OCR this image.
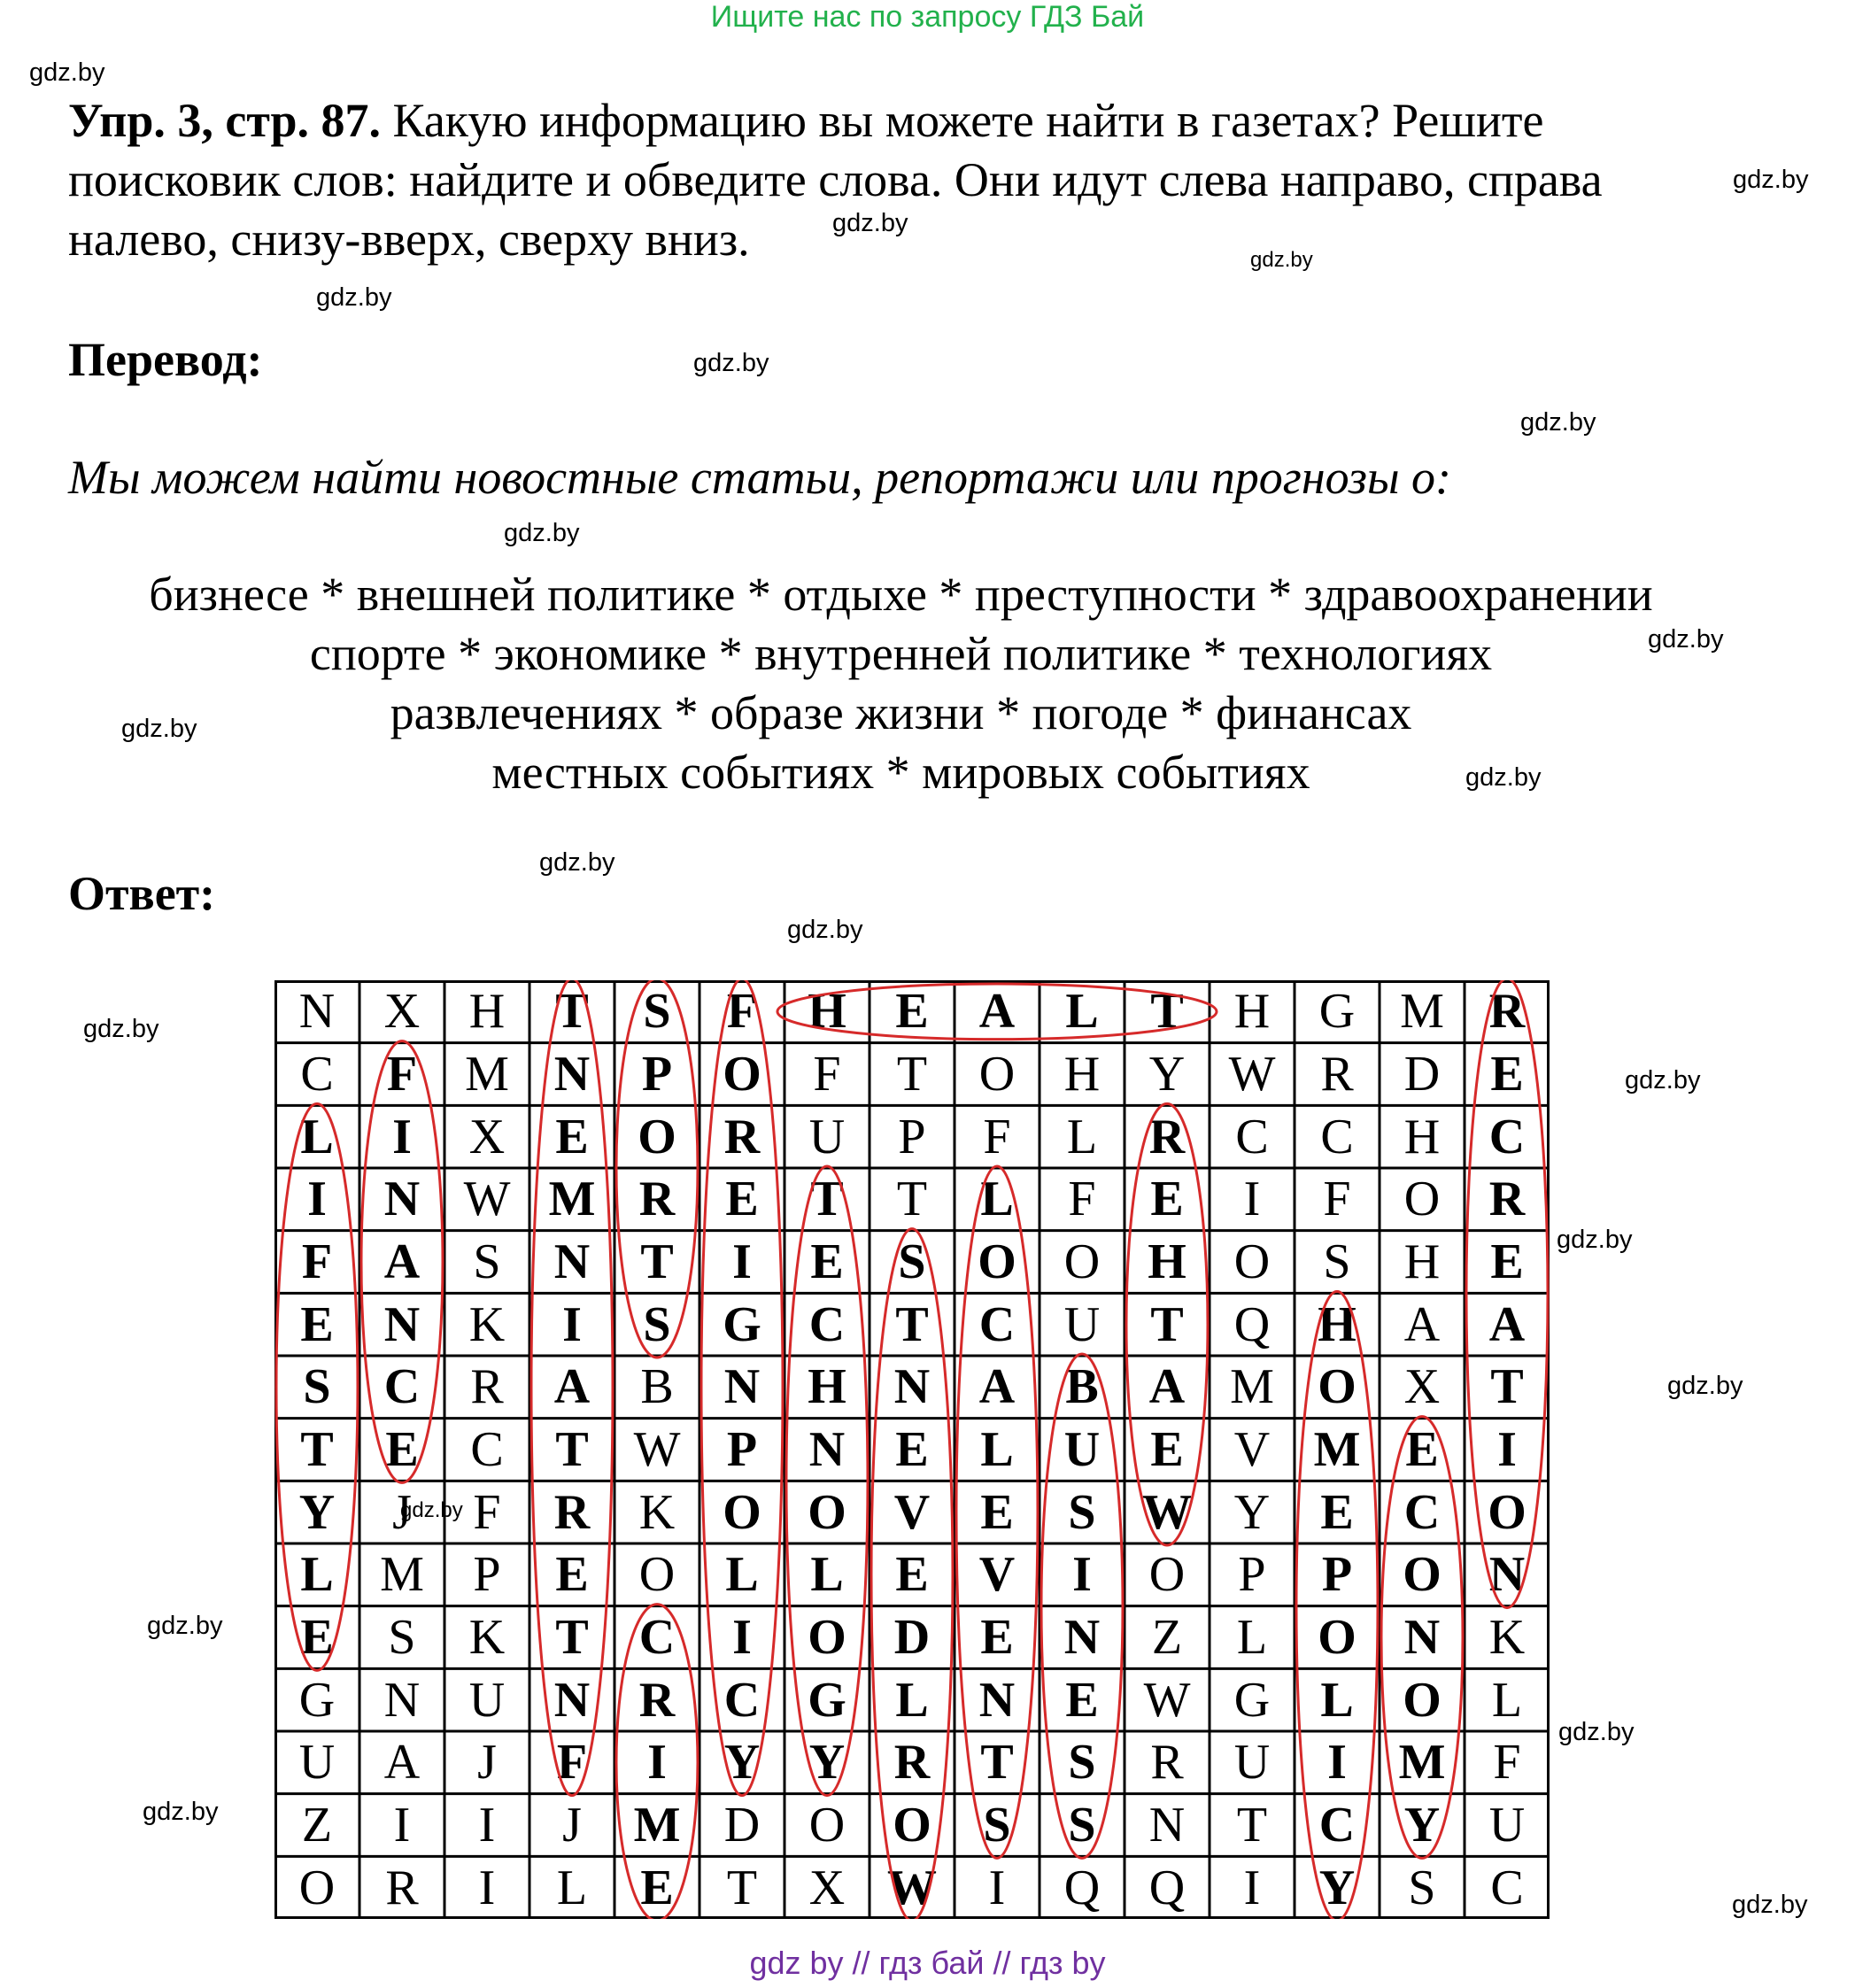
Ищите нас по запросу ГДЗ Бай
Упр. 3, стр. 87. Какую информацию вы можете найти в газетах? Решите поисковик слов: найдите и обведите слова. Они идут слева направо, справа налево, снизу-вверх, сверху вниз.
Перевод:
Мы можем найти новостные статьи, репортажи или прогнозы о:
бизнесе * внешней политике * отдыхе * преступности * здравоохранении
спорте * экономике * внутренней политике * технологиях
развлечениях * образе жизни * погоде * финансах
местных событиях * мировых событиях
Ответ:
gdz.by
gdz.by
gdz.by
gdz.by
gdz.by
gdz.by
gdz.by
gdz.by
gdz.by
gdz.by
gdz.by
gdz.by
gdz.by
gdz.by
gdz.by
gdz.by
gdz.by
gdz.by
gdz.by
gdz.by
gdz.by
N X H	T	S	F	H E	A	L	T	H G M R
C	F M N	P	O	F	T	O H Y W R	D	E
L	I	X	E O R U	P	F	L	R	C	C	H C
I	N W M R	E	T	T	L	F	E	I	F	O R
F	A	S	N	T	I	E	S	O O H O	S	H	E
E	N K	I	S	G C	T	C U	T	Q H A A
S	C	R	A	B	N H N A	B	A M O X	T
T	E	C	T W P	N	E	L	U	E	V M E	I
Y	J	F	R K O O V	E	S W Y	E	C O
L M P	E	O	L	L	E	V	I	O	P	P	O N
E	S	K	T	C	I	O D	E	N	Z	L	O N K
G N U N R C G L	N	E W G	L O	L
U A	J	F	I	Y Y R	T	S	R	U	I	M F
Z	I	I	J	M D O O	S	S	N	T	C Y U
O	R	I	L	E	T	X W	I	Q Q	I	Y	S	C
gdz.by
gdz by // гдз бай // гдз by
